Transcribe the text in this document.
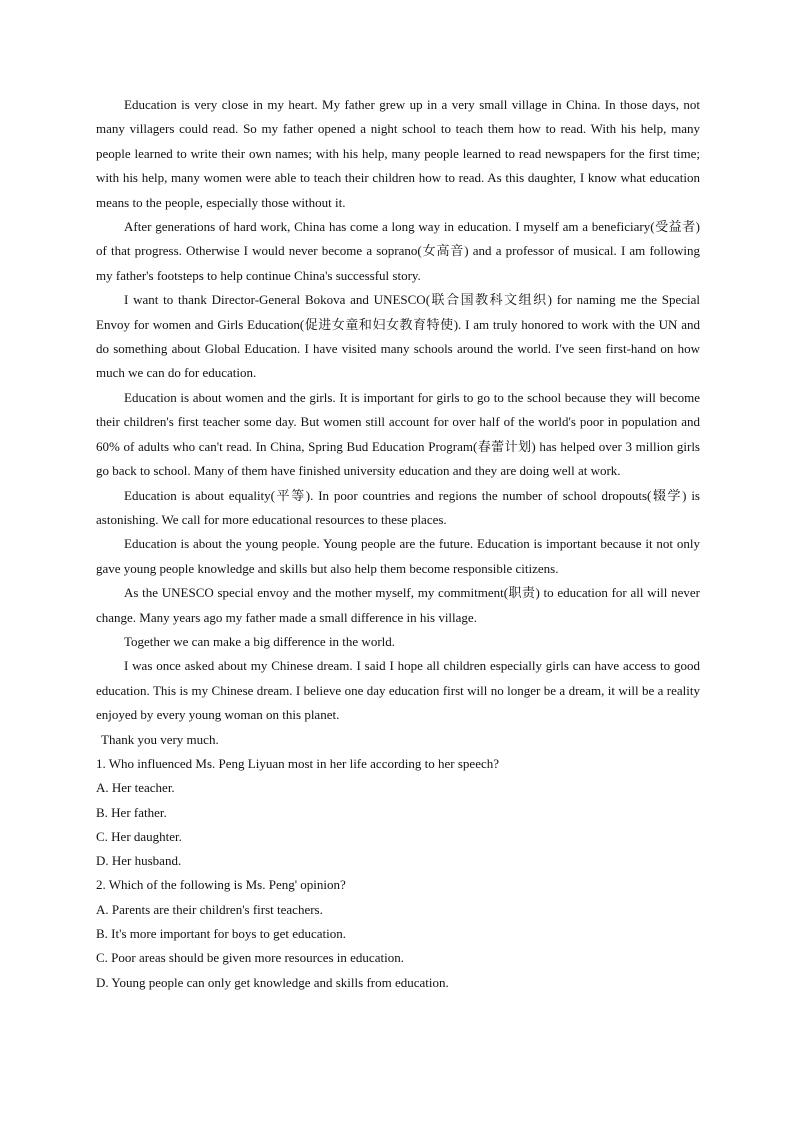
Education is very close in my heart. My father grew up in a very small village in China. In those days, not many villagers could read. So my father opened a night school to teach them how to read. With his help, many people learned to write their own names; with his help, many people learned to read newspapers for the first time; with his help, many women were able to teach their children how to read. As this daughter, I know what education means to the people, especially those without it.

After generations of hard work, China has come a long way in education. I myself am a beneficiary(受益者) of that progress. Otherwise I would never become a soprano(女高音) and a professor of musical. I am following my father's footsteps to help continue China's successful story.

I want to thank Director-General Bokova and UNESCO(联合国教科文组织) for naming me the Special Envoy for women and Girls Education(促进女童和妇女教育特使). I am truly honored to work with the UN and do something about Global Education. I have visited many schools around the world. I've seen first-hand on how much we can do for education.

Education is about women and the girls. It is important for girls to go to the school because they will become their children's first teacher some day. But women still account for over half of the world's poor in population and 60% of adults who can't read. In China, Spring Bud Education Program(春蕾计划) has helped over 3 million girls go back to school. Many of them have finished university education and they are doing well at work.

Education is about equality(平等). In poor countries and regions the number of school dropouts(辍学) is astonishing. We call for more educational resources to these places.

Education is about the young people. Young people are the future. Education is important because it not only gave young people knowledge and skills but also help them become responsible citizens.

As the UNESCO special envoy and the mother myself, my commitment(职责) to education for all will never change. Many years ago my father made a small difference in his village.

Together we can make a big difference in the world.

I was once asked about my Chinese dream. I said I hope all children especially girls can have access to good education. This is my Chinese dream. I believe one day education first will no longer be a dream, it will be a reality enjoyed by every young woman on this planet.

Thank you very much.

1. Who influenced Ms. Peng Liyuan most in her life according to her speech?

A. Her teacher.

B. Her father.

C. Her daughter.

D. Her husband.

2. Which of the following is Ms. Peng' opinion?

A. Parents are their children's first teachers.

B. It's more important for boys to get education.

C. Poor areas should be given more resources in education.

D. Young people can only get knowledge and skills from education.
